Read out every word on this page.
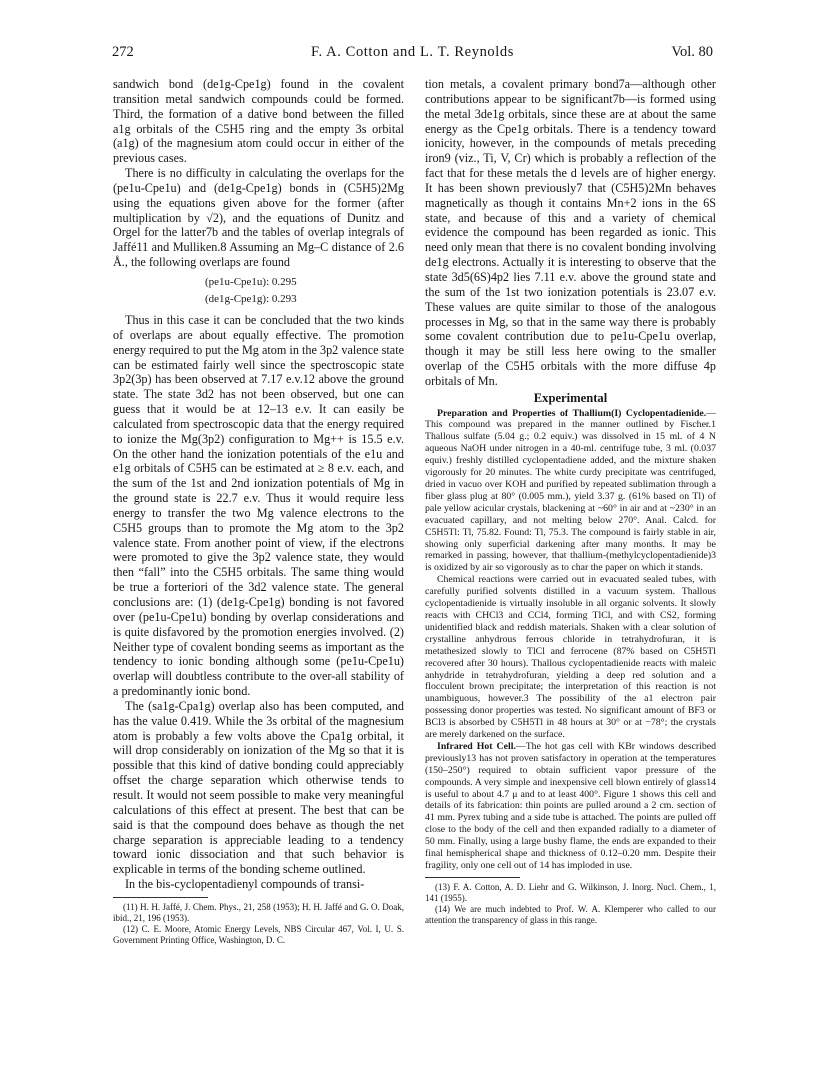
272	F. A. Cotton and L. T. Reynolds	Vol. 80

sandwich bond (de1g-Cpe1g) found in the covalent transition metal sandwich compounds could be formed. Third, the formation of a dative bond between the filled a1g orbitals of the C5H5 ring and the empty 3s orbital (a1g) of the magnesium atom could occur in either of the previous cases.

There is no difficulty in calculating the overlaps for the (pe1u-Cpe1u) and (de1g-Cpe1g) bonds in (C5H5)2Mg using the equations given above for the former (after multiplication by √2), and the equations of Dunitz and Orgel for the latter7b and the tables of overlap integrals of Jaffé11 and Mulliken.8 Assuming an Mg–C distance of 2.6 Å., the following overlaps are found

(pe1u-Cpe1u): 0.295
(de1g-Cpe1g): 0.293

Thus in this case it can be concluded that the two kinds of overlaps are about equally effective. The promotion energy required to put the Mg atom in the 3p2 valence state can be estimated fairly well since the spectroscopic state 3p2(3p) has been observed at 7.17 e.v.12 above the ground state. The state 3d2 has not been observed, but one can guess that it would be at 12–13 e.v. It can easily be calculated from spectroscopic data that the energy required to ionize the Mg(3p2) configuration to Mg++ is 15.5 e.v. On the other hand the ionization potentials of the e1u and e1g orbitals of C5H5 can be estimated at ≥ 8 e.v. each, and the sum of the 1st and 2nd ionization potentials of Mg in the ground state is 22.7 e.v. Thus it would require less energy to transfer the two Mg valence electrons to the C5H5 groups than to promote the Mg atom to the 3p2 valence state. From another point of view, if the electrons were promoted to give the 3p2 valence state, they would then “fall” into the C5H5 orbitals. The same thing would be true a forteriori of the 3d2 valence state. The general conclusions are: (1) (de1g-Cpe1g) bonding is not favored over (pe1u-Cpe1u) bonding by overlap considerations and is quite disfavored by the promotion energies involved. (2) Neither type of covalent bonding seems as important as the tendency to ionic bonding although some (pe1u-Cpe1u) overlap will doubtless contribute to the over-all stability of a predominantly ionic bond.

The (sa1g-Cpa1g) overlap also has been computed, and has the value 0.419. While the 3s orbital of the magnesium atom is probably a few volts above the Cpa1g orbital, it will drop considerably on ionization of the Mg so that it is possible that this kind of dative bonding could appreciably offset the charge separation which otherwise tends to result. It would not seem possible to make very meaningful calculations of this effect at present. The best that can be said is that the compound does behave as though the net charge separation is appreciable leading to a tendency toward ionic dissociation and that such behavior is explicable in terms of the bonding scheme outlined.

In the bis-cyclopentadienyl compounds of transi-

(11) H. H. Jaffé, J. Chem. Phys., 21, 258 (1953); H. H. Jaffé and G. O. Doak, ibid., 21, 196 (1953).

(12) C. E. Moore, Atomic Energy Levels, NBS Circular 467, Vol. I, U. S. Government Printing Office, Washington, D. C.

tion metals, a covalent primary bond7a—although other contributions appear to be significant7b—is formed using the metal 3de1g orbitals, since these are at about the same energy as the Cpe1g orbitals. There is a tendency toward ionicity, however, in the compounds of metals preceding iron9 (viz., Ti, V, Cr) which is probably a reflection of the fact that for these metals the d levels are of higher energy. It has been shown previously7 that (C5H5)2Mn behaves magnetically as though it contains Mn+2 ions in the 6S state, and because of this and a variety of chemical evidence the compound has been regarded as ionic. This need only mean that there is no covalent bonding involving de1g electrons. Actually it is interesting to observe that the state 3d5(6S)4p2 lies 7.11 e.v. above the ground state and the sum of the 1st two ionization potentials is 23.07 e.v. These values are quite similar to those of the analogous processes in Mg, so that in the same way there is probably some covalent contribution due to pe1u-Cpe1u overlap, though it may be still less here owing to the smaller overlap of the C5H5 orbitals with the more diffuse 4p orbitals of Mn.

Experimental

Preparation and Properties of Thallium(I) Cyclopentadienide.—This compound was prepared in the manner outlined by Fischer.1 Thallous sulfate (5.04 g.; 0.2 equiv.) was dissolved in 15 ml. of 4 N aqueous NaOH under nitrogen in a 40-ml. centrifuge tube, 3 ml. (0.037 equiv.) freshly distilled cyclopentadiene added, and the mixture shaken vigorously for 20 minutes. The white curdy precipitate was centrifuged, dried in vacuo over KOH and purified by repeated sublimation through a fiber glass plug at 80° (0.005 mm.), yield 3.37 g. (61% based on Tl) of pale yellow acicular crystals, blackening at ~60° in air and at ~230° in an evacuated capillary, and not melting below 270°. Anal. Calcd. for C5H5Tl: Tl, 75.82. Found: Tl, 75.3. The compound is fairly stable in air, showing only superficial darkening after many months. It may be remarked in passing, however, that thallium-(methylcyclopentadienide)3 is oxidized by air so vigorously as to char the paper on which it stands.

Chemical reactions were carried out in evacuated sealed tubes, with carefully purified solvents distilled in a vacuum system. Thallous cyclopentadienide is virtually insoluble in all organic solvents. It slowly reacts with CHCl3 and CCl4, forming TlCl, and with CS2, forming unidentified black and reddish materials. Shaken with a clear solution of crystalline anhydrous ferrous chloride in tetrahydrofuran, it is metathesized slowly to TlCl and ferrocene (87% based on C5H5Tl recovered after 30 hours). Thallous cyclopentadienide reacts with maleic anhydride in tetrahydrofuran, yielding a deep red solution and a flocculent brown precipitate; the interpretation of this reaction is not unambiguous, however.3 The possibility of the a1 electron pair possessing donor properties was tested. No significant amount of BF3 or BCl3 is absorbed by C5H5Tl in 48 hours at 30° or at −78°; the crystals are merely darkened on the surface.

Infrared Hot Cell.—The hot gas cell with KBr windows described previously13 has not proven satisfactory in operation at the temperatures (150–250°) required to obtain sufficient vapor pressure of the compounds. A very simple and inexpensive cell blown entirely of glass14 is useful to about 4.7 μ and to at least 400°. Figure 1 shows this cell and details of its fabrication: thin points are pulled around a 2 cm. section of 41 mm. Pyrex tubing and a side tube is attached. The points are pulled off close to the body of the cell and then expanded radially to a diameter of 50 mm. Finally, using a large bushy flame, the ends are expanded to their final hemispherical shape and thickness of 0.12–0.20 mm. Despite their fragility, only one cell out of 14 has imploded in use.

(13) F. A. Cotton, A. D. Liehr and G. Wilkinson, J. Inorg. Nucl. Chem., 1, 141 (1955).

(14) We are much indebted to Prof. W. A. Klemperer who called to our attention the transparency of glass in this range.
